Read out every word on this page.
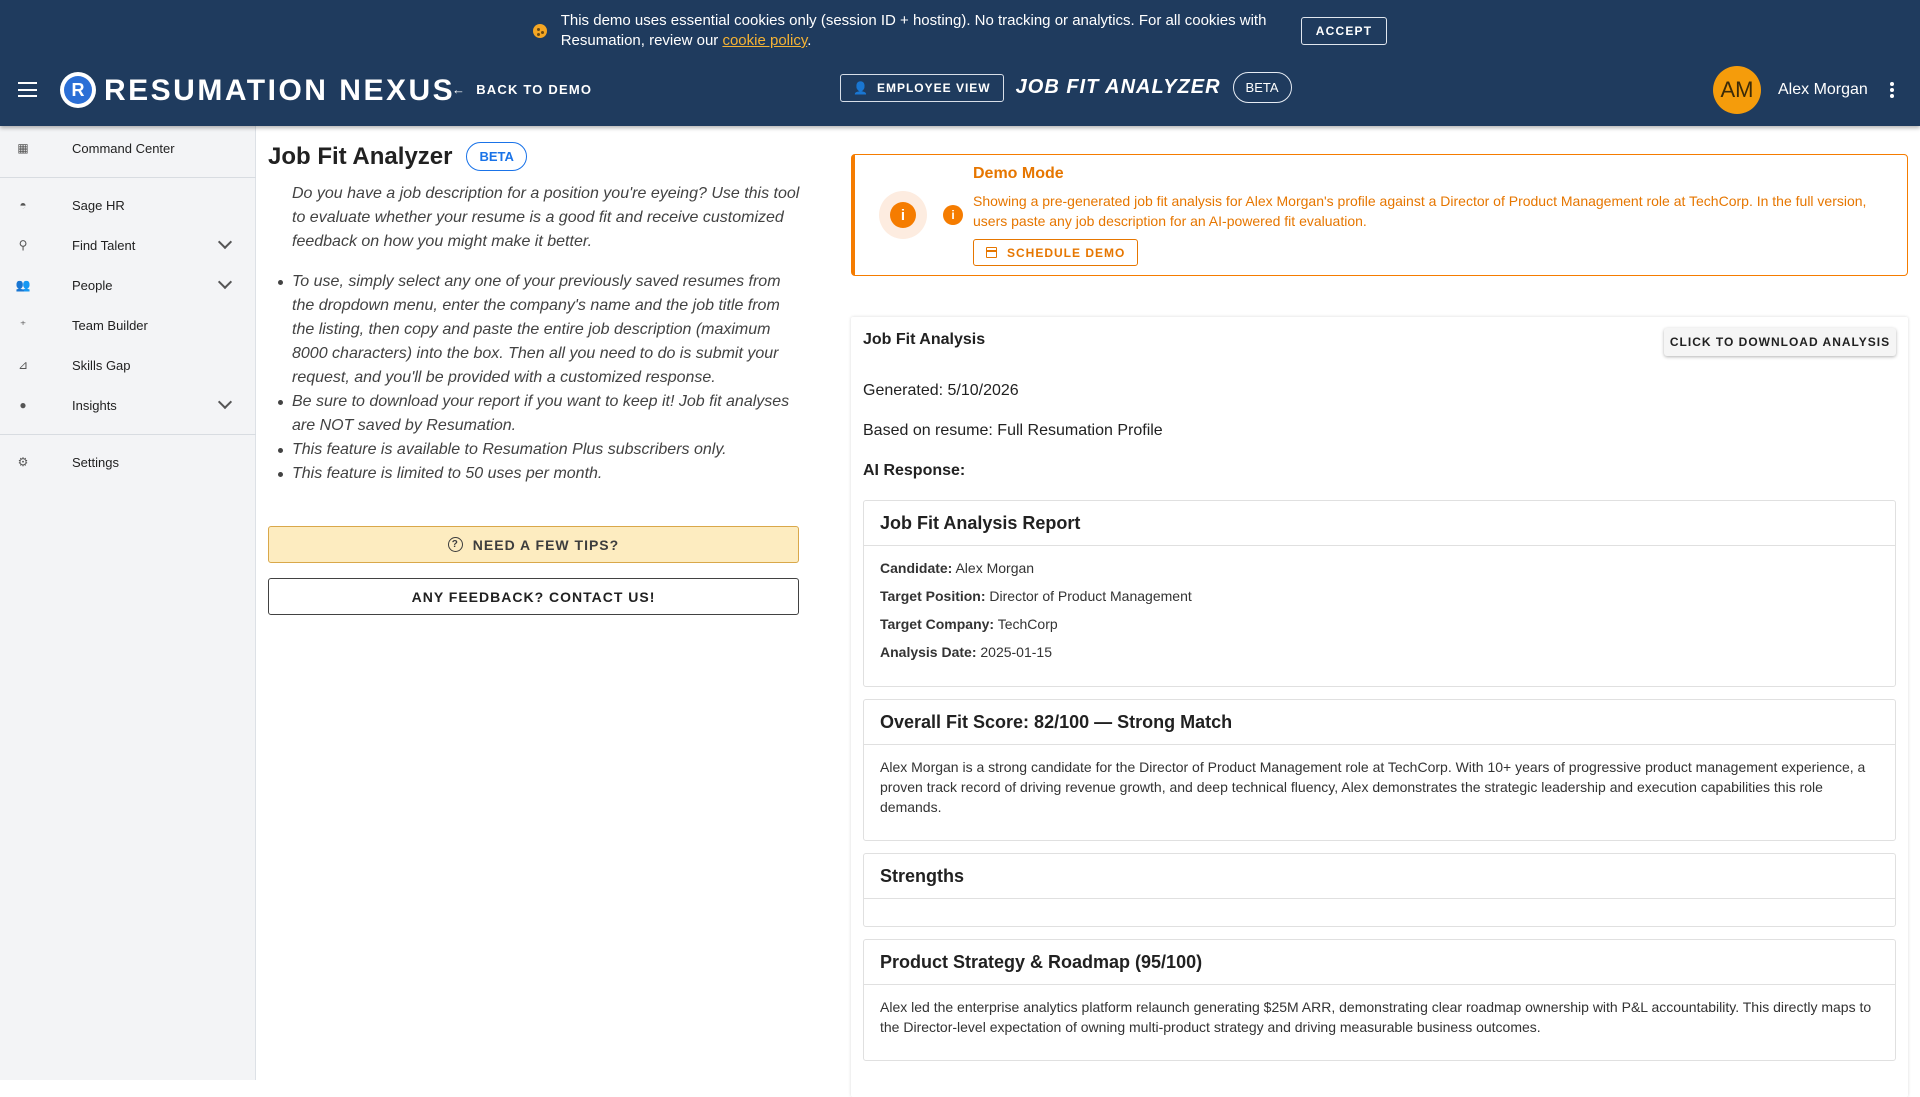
This demo uses essential cookies only (session ID + hosting). No tracking or analytics. For all cookies with Resumation, review our cookie policy.
ACCEPT
R RESUMATION NEXUS
← BACK TO DEMO	👤 EMPLOYEE VIEW JOB FIT ANALYZER	BETA	AM	Alex Morgan
▦	Command Center
◓	Sage HR
⚲	Find Talent
👥	People
⁺	Team Builder
⊿	Skills Gap
●	Insights
⚙	Settings
Job Fit Analyzer	BETA
Do you have a job description for a position you're eyeing? Use this tool to evaluate whether your resume is a good fit and receive customized feedback on how you might make it better.
To use, simply select any one of your previously saved resumes from the dropdown menu, enter the company's name and the job title from the listing, then copy and paste the entire job description (maximum 8000 characters) into the box. Then all you need to do is submit your request, and you'll be provided with a customized response.
Be sure to download your report if you want to keep it! Job fit analyses are NOT saved by Resumation.
This feature is available to Resumation Plus subscribers only.
This feature is limited to 50 uses per month.
? NEED A FEW TIPS?
ANY FEEDBACK? CONTACT US!
i	i
Demo Mode
Showing a pre-generated job fit analysis for Alex Morgan's profile against a Director of Product Management role at TechCorp. In the full version, users paste any job description for an AI-powered fit evaluation.
SCHEDULE DEMO
Job Fit Analysis	CLICK TO DOWNLOAD ANALYSIS
Generated: 5/10/2026
Based on resume: Full Resumation Profile
AI Response:
Job Fit Analysis Report
Candidate: Alex Morgan
Target Position: Director of Product Management
Target Company: TechCorp
Analysis Date: 2025-01-15
Overall Fit Score: 82/100 — Strong Match
Alex Morgan is a strong candidate for the Director of Product Management role at TechCorp. With 10+ years of progressive product management experience, a proven track record of driving revenue growth, and deep technical fluency, Alex demonstrates the strategic leadership and execution capabilities this role demands.
Strengths
Product Strategy & Roadmap (95/100)
Alex led the enterprise analytics platform relaunch generating $25M ARR, demonstrating clear roadmap ownership with P&L accountability. This directly maps to the Director-level expectation of owning multi-product strategy and driving measurable business outcomes.
